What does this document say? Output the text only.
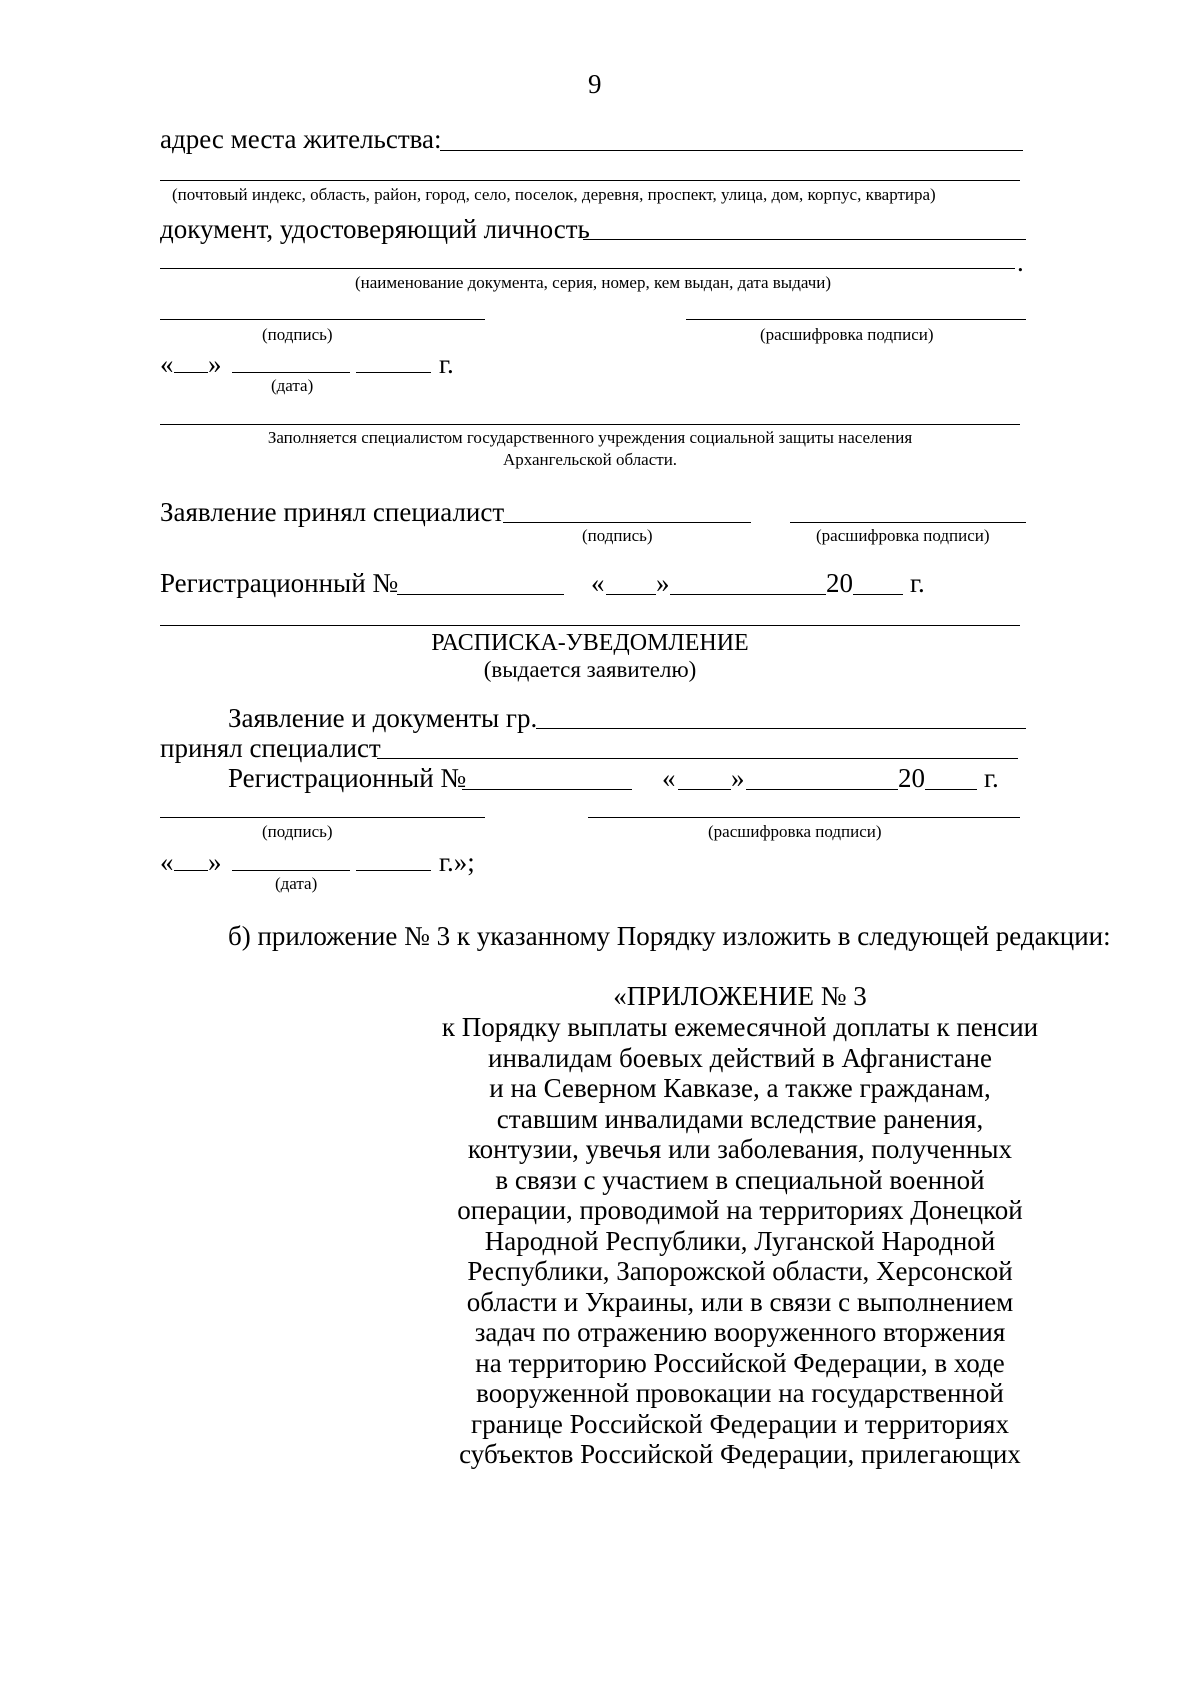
9
адрес места жительства:
(почтовый индекс, область, район, город, село, поселок, деревня, проспект, улица, дом, корпус, квартира)
документ, удостоверяющий личность
.
(наименование документа, серия, номер, кем выдан, дата выдачи)
(подпись)	(расшифровка подписи)
« »	г.
(дата)
Заполняется специалистом государственного учреждения социальной защиты населения
Архангельской области.
Заявление принял специалист
(подпись)	(расшифровка подписи)
Регистрационный №	« »	20 г.
РАСПИСКА-УВЕДОМЛЕНИЕ
(выдается заявителю)
Заявление и документы гр.
принял специалист
Регистрационный №	« »	20 г.
(подпись)	(расшифровка подписи)
« »	г.»;
(дата)
б) приложение № 3 к указанному Порядку изложить в следующей редакции:
«ПРИЛОЖЕНИЕ № 3
к Порядку выплаты ежемесячной доплаты к пенсии
инвалидам боевых действий в Афганистане
и на Северном Кавказе, а также гражданам,
ставшим инвалидами вследствие ранения,
контузии, увечья или заболевания, полученных
в связи с участием в специальной военной
операции, проводимой на территориях Донецкой
Народной Республики, Луганской Народной
Республики, Запорожской области, Херсонской
области и Украины, или в связи с выполнением
задач по отражению вооруженного вторжения
на территорию Российской Федерации, в ходе
вооруженной провокации на государственной
границе Российской Федерации и территориях
субъектов Российской Федерации, прилегающих
